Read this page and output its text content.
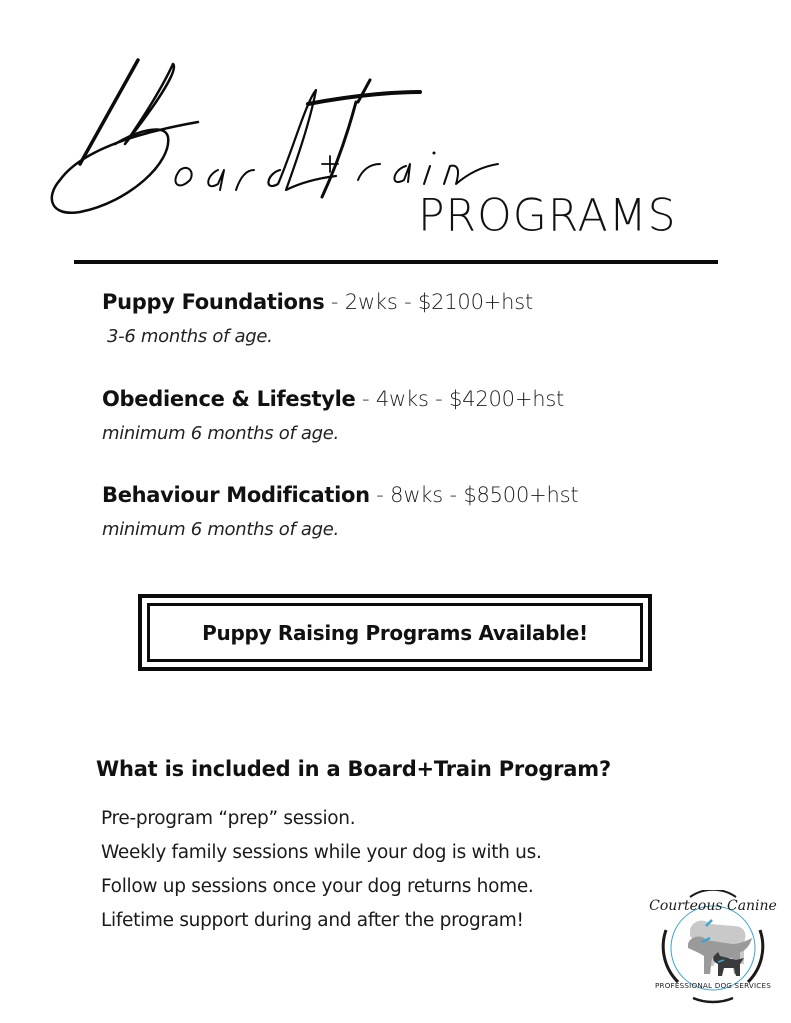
PROGRAMS
Puppy Foundations - 2wks - $2100+hst
3-6 months of age.
Obedience & Lifestyle - 4wks - $4200+hst
minimum 6 months of age.
Behaviour Modification - 8wks - $8500+hst
minimum 6 months of age.
Puppy Raising Programs Available!
What is included in a Board+Train Program?
Pre-program “prep” session.
Weekly family sessions while your dog is with us.
Follow up sessions once your dog returns home.
Lifetime support during and after the program!
Courteous Canine
PROFESSIONAL DOG SERVICES
